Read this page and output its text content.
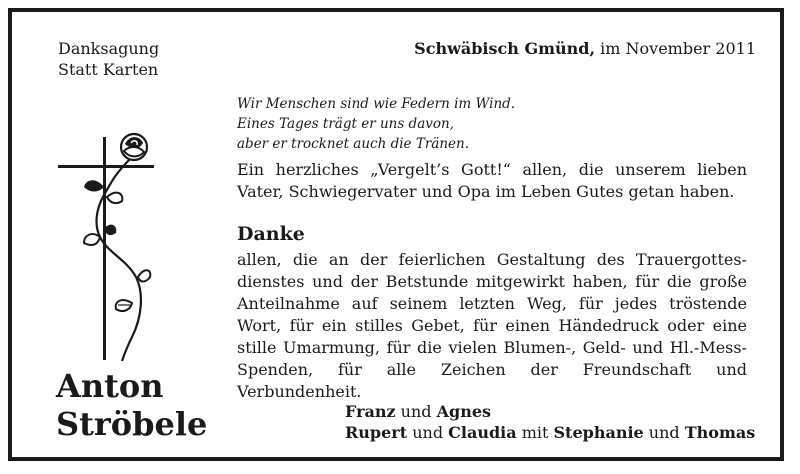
Danksagung
Statt Karten
Schwäbisch Gmünd, im November 2011
Wir Menschen sind wie Federn im Wind.
Eines Tages trägt er uns davon,
aber er trocknet auch die Tränen.
Ein herzliches „Vergelt’s Gott!“ allen, die unserem lieben Vater, Schwiegervater und Opa im Leben Gutes getan haben.
Danke
allen, die an der feierlichen Gestaltung des Trauergottesdienstes und der Betstunde mitgewirkt haben, für die große Anteilnahme auf seinem letzten Weg, für jedes tröstende Wort, für ein stilles Gebet, für einen Händedruck oder eine stille Umarmung, für die vielen Blumen-, Geld- und Hl.-Mess-Spenden, für alle Zeichen der Freundschaft und Verbundenheit.
Anton
Ströbele	Franz und Agnes
Rupert und Claudia mit Stephanie und Thomas
